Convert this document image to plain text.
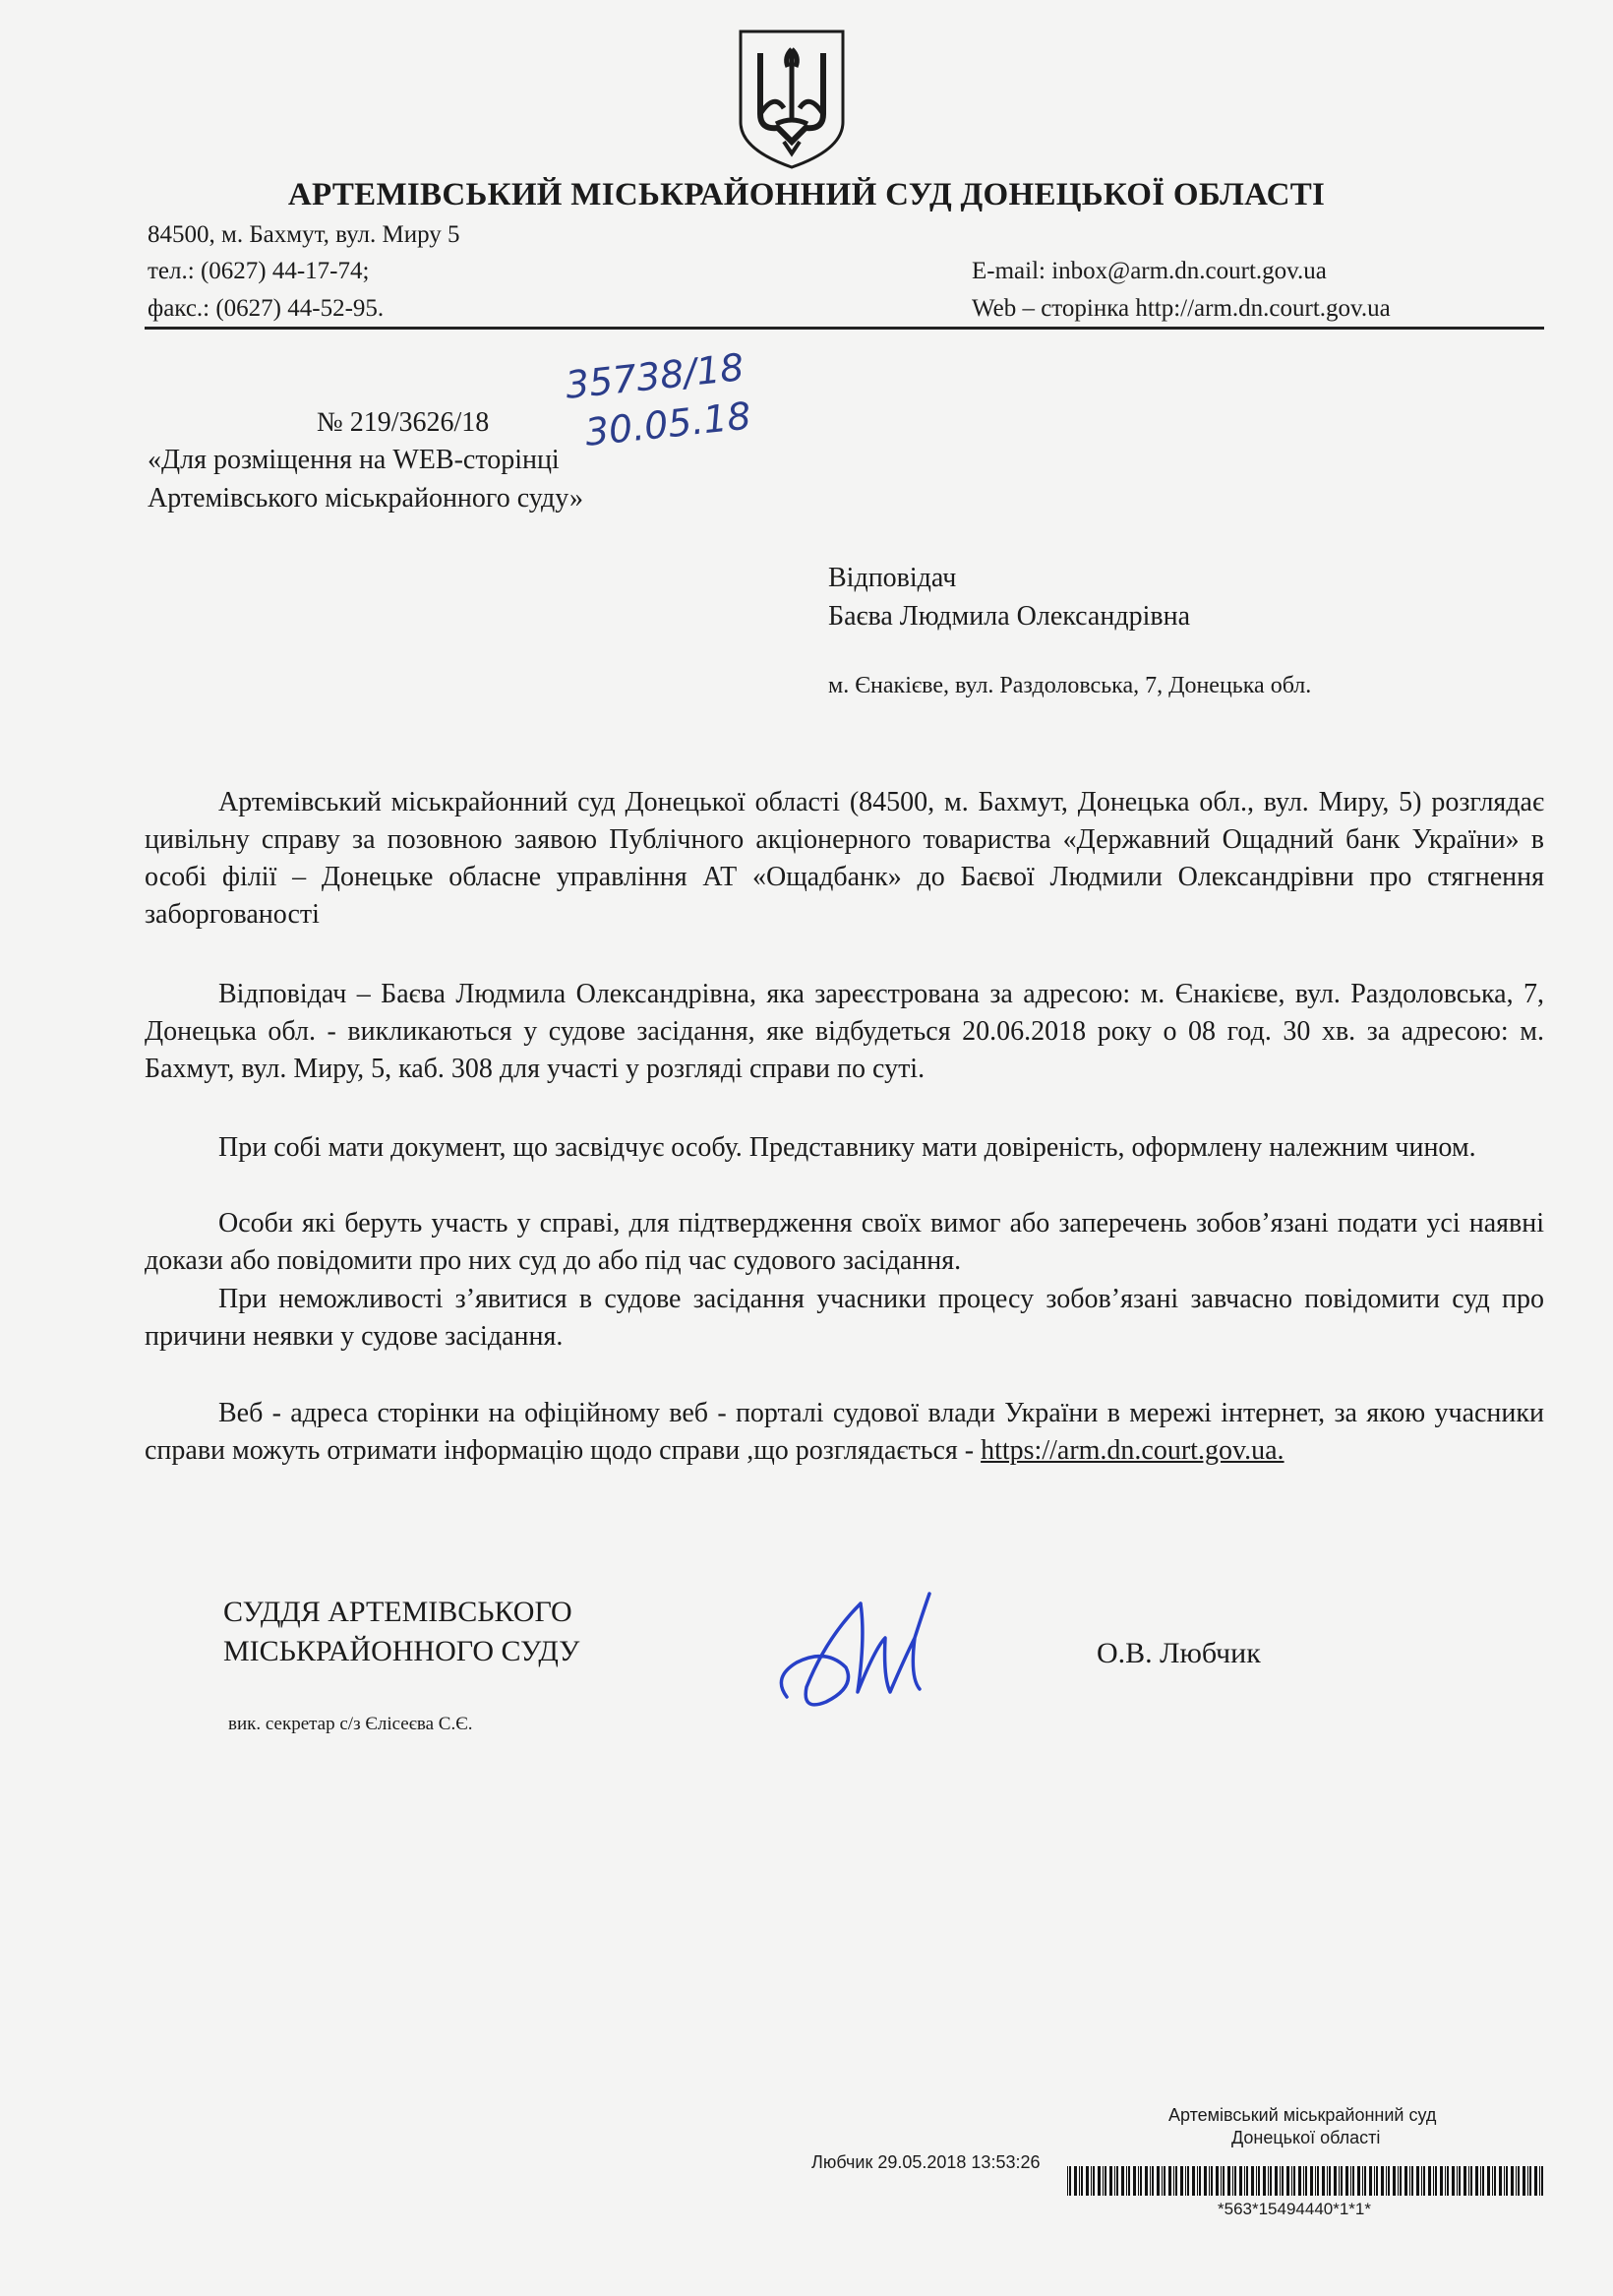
АРТЕМІВСЬКИЙ МІСЬКРАЙОННИЙ СУД ДОНЕЦЬКОЇ ОБЛАСТІ
84500, м. Бахмут, вул. Миру 5
тел.: (0627) 44-17-74;
факс.: (0627) 44-52-95.
E-mail: inbox@arm.dn.court.gov.ua
Web – сторінка http://arm.dn.court.gov.ua
35738/18
30.05.18
№ 219/3626/18
«Для розміщення на WEB-сторінці
Артемівського міськрайонного суду»
Відповідач
Баєва Людмила Олександрівна
м. Єнакієве, вул. Раздоловська, 7, Донецька обл.
Артемівський міськрайонний суд Донецької області (84500, м. Бахмут, Донецька обл., вул. Миру, 5) розглядає цивільну справу за позовною заявою Публічного акціонерного товариства «Державний Ощадний банк України» в особі філії – Донецьке обласне управління АТ «Ощадбанк» до Баєвої Людмили Олександрівни про стягнення заборгованості
Відповідач – Баєва Людмила Олександрівна, яка зареєстрована за адресою: м. Єнакієве, вул. Раздоловська, 7, Донецька обл. - викликаються у судове засідання, яке відбудеться 20.06.2018 року о 08 год. 30 хв. за адресою: м. Бахмут, вул. Миру, 5, каб. 308 для участі у розгляді справи по суті.
При собі мати документ, що засвідчує особу. Представнику мати довіреність, оформлену належним чином.
Особи які беруть участь у справі, для підтвердження своїх вимог або заперечень зобов’язані подати усі наявні докази або повідомити про них суд до або під час судового засідання.
При неможливості з’явитися в судове засідання учасники процесу зобов’язані завчасно повідомити суд про причини неявки у судове засідання.
Веб - адреса сторінки на офіційному веб - порталі судової влади України в мережі інтернет, за якою учасники справи можуть отримати інформацію щодо справи ,що розглядається - https://arm.dn.court.gov.ua.
СУДДЯ АРТЕМІВСЬКОГО
МІСЬКРАЙОННОГО СУДУ	О.В. Любчик
вик. секретар с/з Єлісеєва С.Є.
Артемівський міськрайонний суд
Донецької області
Любчик 29.05.2018 13:53:26
*563*15494440*1*1*
